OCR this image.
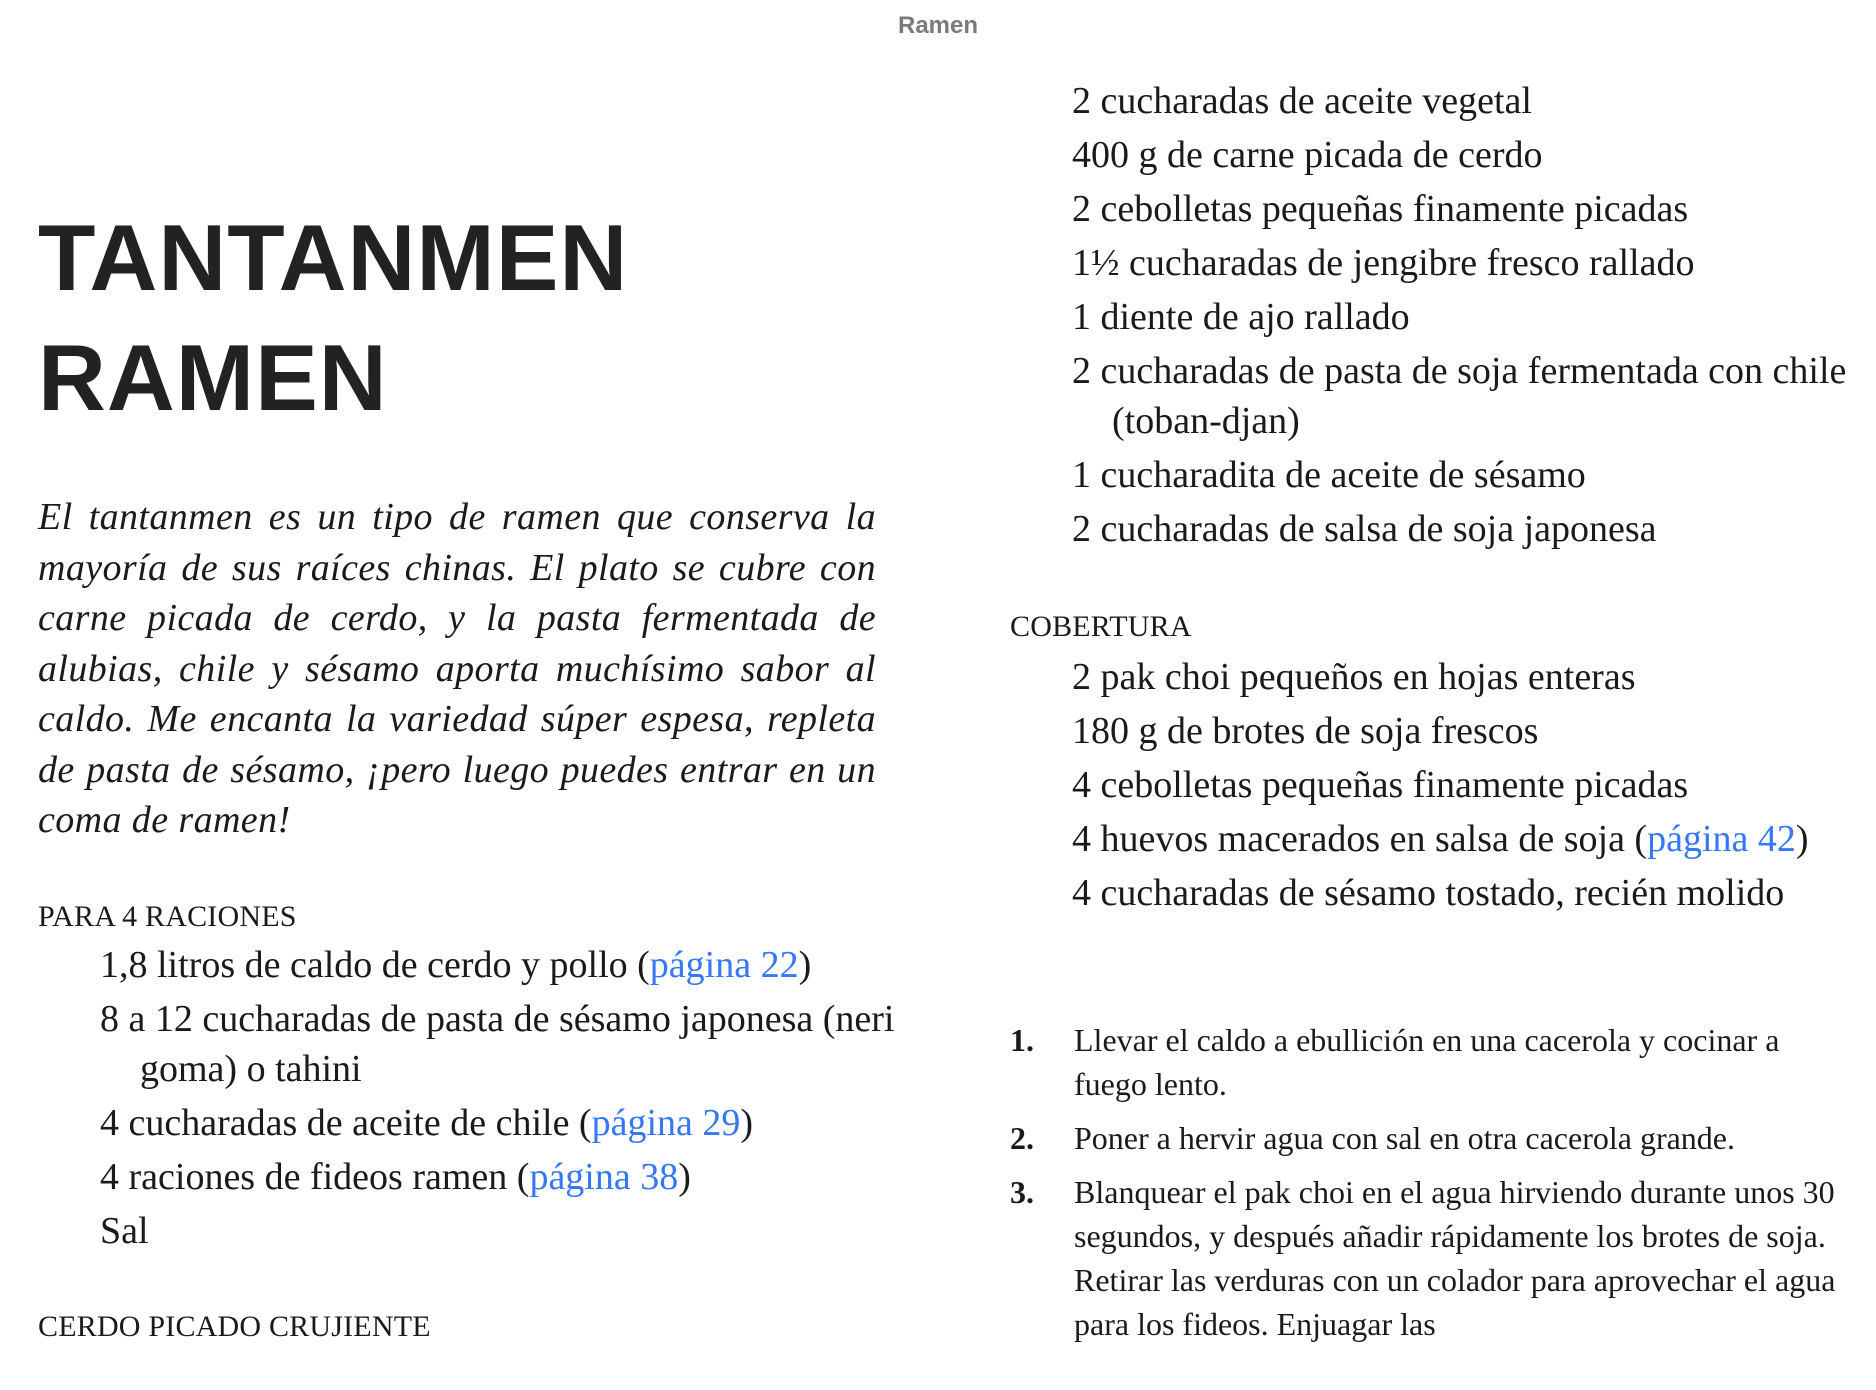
Ramen
TANTANMEN
RAMEN

El tantanmen es un tipo de ramen que conserva la mayoría de sus raíces chinas. El plato se cubre con carne picada de cerdo, y la pasta fermentada de alubias, chile y sésamo aporta muchísimo sabor al caldo. Me encanta la variedad súper espesa, repleta de pasta de sésamo, ¡pero luego puedes entrar en un coma de ramen!

PARA 4 RACIONES
1,8 litros de caldo de cerdo y pollo (página 22)
8 a 12 cucharadas de pasta de sésamo japonesa (neri goma) o tahini
4 cucharadas de aceite de chile (página 29)
4 raciones de fideos ramen (página 38)
Sal
CERDO PICADO CRUJIENTE
2 cucharadas de aceite vegetal
400 g de carne picada de cerdo
2 cebolletas pequeñas finamente picadas
1½ cucharadas de jengibre fresco rallado
1 diente de ajo rallado
2 cucharadas de pasta de soja fermentada con chile (toban-djan)
1 cucharadita de aceite de sésamo
2 cucharadas de salsa de soja japonesa
COBERTURA
2 pak choi pequeños en hojas enteras
180 g de brotes de soja frescos
4 cebolletas pequeñas finamente picadas
4 huevos macerados en salsa de soja (página 42)
4 cucharadas de sésamo tostado, recién molido
1. Llevar el caldo a ebullición en una cacerola y cocinar a fuego lento.
2. Poner a hervir agua con sal en otra cacerola grande.
3. Blanquear el pak choi en el agua hirviendo durante unos 30 segundos, y después añadir rápidamente los brotes de soja. Retirar las verduras con un colador para aprovechar el agua para los fideos. Enjuagar las
